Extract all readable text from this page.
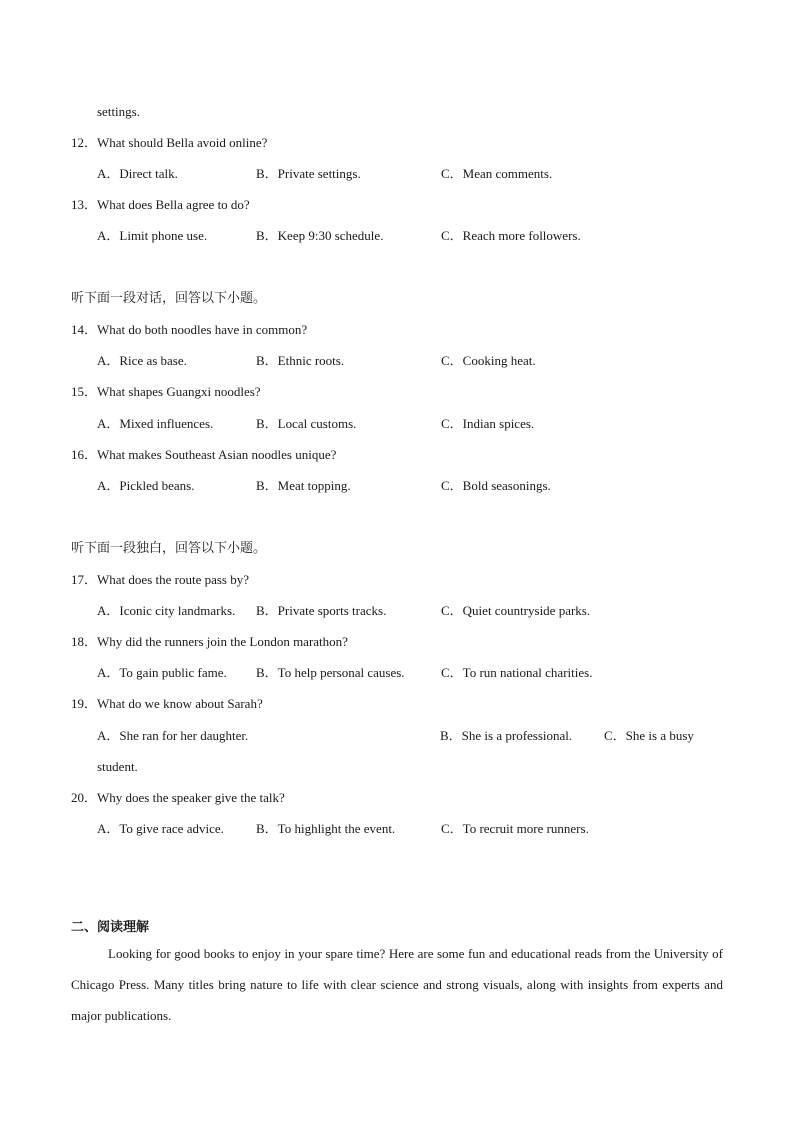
settings.
12．What should Bella avoid online?
A．Direct talk.	B．Private settings.	C．Mean comments.
13．What does Bella agree to do?
A．Limit phone use.	B．Keep 9:30 schedule.	C．Reach more followers.
听下面一段对话，回答以下小题。
14．What do both noodles have in common?
A．Rice as base.	B．Ethnic roots.	C．Cooking heat.
15．What shapes Guangxi noodles?
A．Mixed influences.	B．Local customs.	C．Indian spices.
16．What makes Southeast Asian noodles unique?
A．Pickled beans.	B．Meat topping.	C．Bold seasonings.
听下面一段独白，回答以下小题。
17．What does the route pass by?
A．Iconic city landmarks. B．Private sports tracks.	C．Quiet countryside parks.
18．Why did the runners join the London marathon?
A．To gain public fame. B．To help personal causes.	C．To run national charities.
19．What do we know about Sarah?
A．She ran for her daughter.	B．She is a professional. C．She is a busy
student.
20．Why does the speaker give the talk?
A．To give race advice. B．To highlight the event.	C．To recruit more runners.
二、阅读理解
Looking for good books to enjoy in your spare time? Here are some fun and educational reads from the University of Chicago Press. Many titles bring nature to life with clear science and strong visuals, along with insights from experts and major publications.
